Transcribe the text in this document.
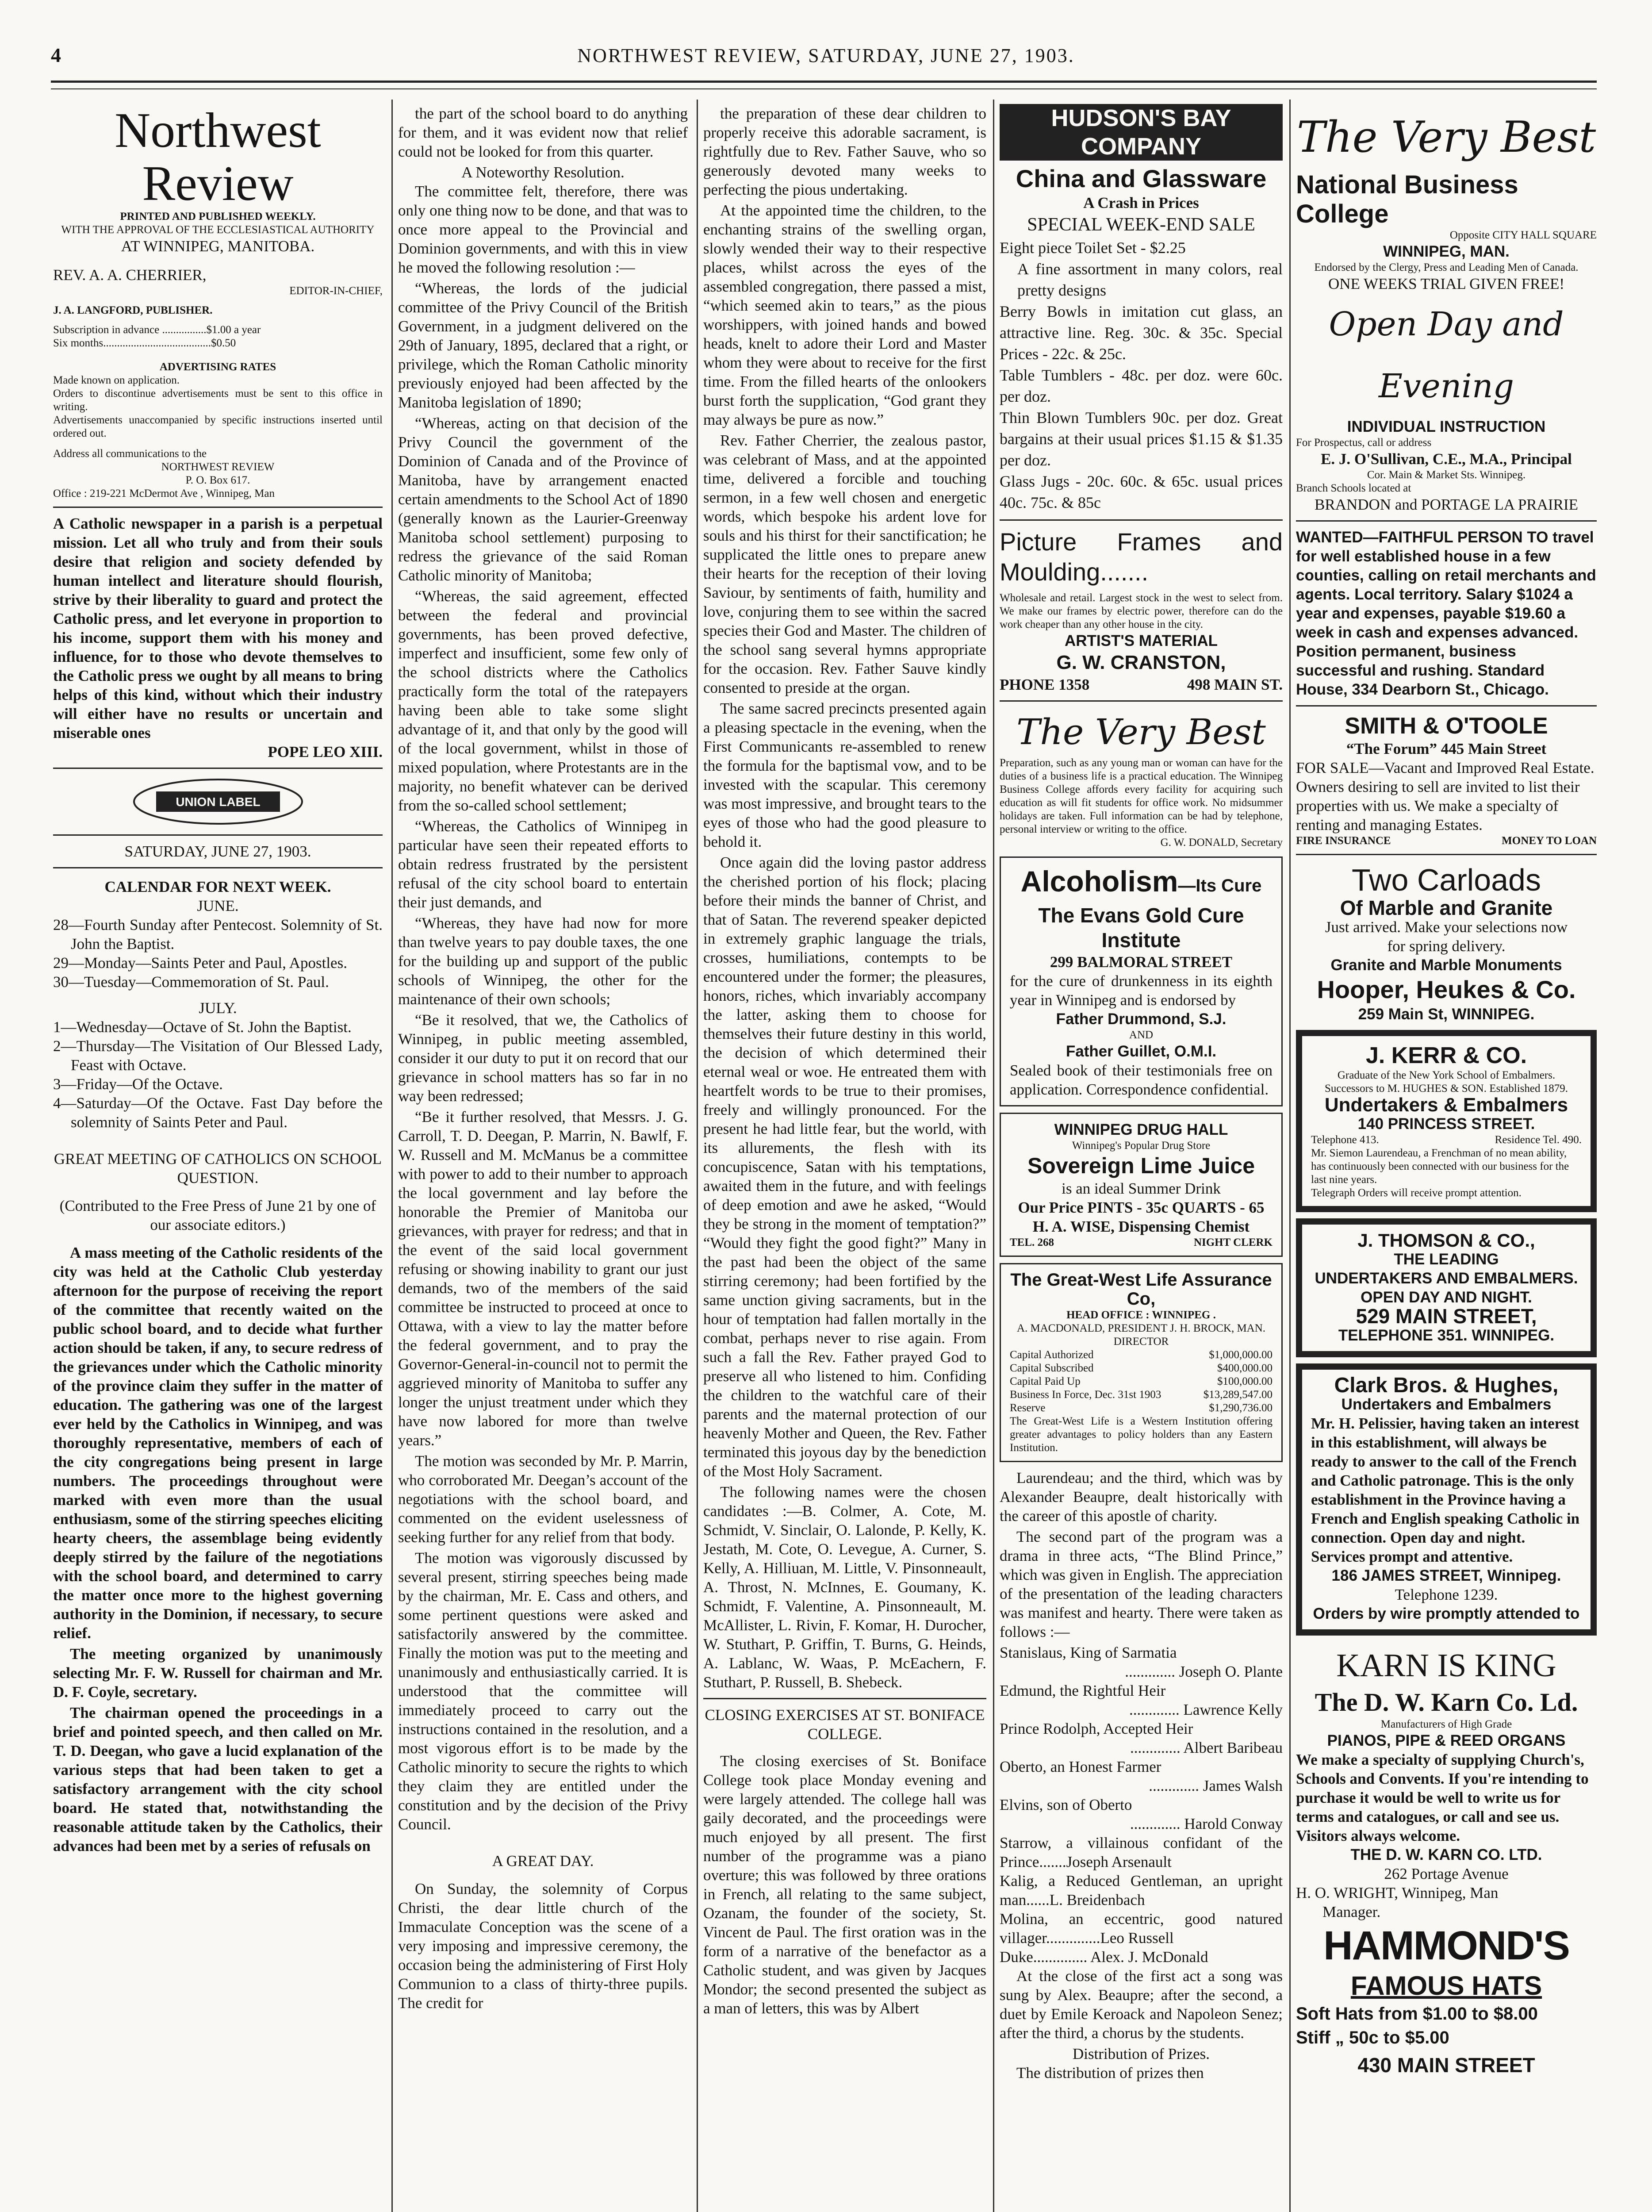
4	NORTHWEST REVIEW, SATURDAY, JUNE 27, 1903.
Northwest Review
PRINTED AND PUBLISHED WEEKLY.
WITH THE APPROVAL OF THE ECCLESIASTICAL AUTHORITY
AT WINNIPEG, MANITOBA.
REV. A. A. CHERRIER,
EDITOR-IN-CHIEF,
J. A. LANGFORD, PUBLISHER.
Subscription in advance ................$1.00 a year
Six months.......................................$0.50
ADVERTISING RATES
Made known on application.
Orders to discontinue advertisements must be sent to this office in writing.
Advertisements unaccompanied by specific instructions inserted until ordered out.
Address all communications to the
NORTHWEST REVIEW
P. O. Box 617.
Office : 219-221 McDermot Ave , Winnipeg, Man
A Catholic newspaper in a parish is a perpetual mission. Let all who truly and from their souls desire that religion and society defended by human intellect and literature should flourish, strive by their liberality to guard and protect the Catholic press, and let everyone in proportion to his income, support them with his money and influence, for to those who devote themselves to the Catholic press we ought by all means to bring helps of this kind, without which their industry will either have no results or uncertain and miserable ones
POPE LEO XIII.
UNION LABEL
SATURDAY, JUNE 27, 1903.
CALENDAR FOR NEXT WEEK.
JUNE.
28—Fourth Sunday after Pentecost. Solemnity of St. John the Baptist.
29—Monday—Saints Peter and Paul, Apostles.
30—Tuesday—Commemoration of St. Paul.
JULY.
1—Wednesday—Octave of St. John the Baptist.
2—Thursday—The Visitation of Our Blessed Lady, Feast with Octave.
3—Friday—Of the Octave.
4—Saturday—Of the Octave. Fast Day before the solemnity of Saints Peter and Paul.
GREAT MEETING OF CATHOLICS ON SCHOOL QUESTION.
(Contributed to the Free Press of June 21 by one of our associate editors.)

A mass meeting of the Catholic residents of the city was held at the Catholic Club yesterday afternoon for the purpose of receiving the report of the committee that recently waited on the public school board, and to decide what further action should be taken, if any, to secure redress of the grievances under which the Catholic minority of the province claim they suffer in the matter of education. The gathering was one of the largest ever held by the Catholics in Winnipeg, and was thoroughly representative, members of each of the city congregations being present in large numbers. The proceedings throughout were marked with even more than the usual enthusiasm, some of the stirring speeches eliciting hearty cheers, the assemblage being evidently deeply stirred by the failure of the negotiations with the school board, and determined to carry the matter once more to the highest governing authority in the Dominion, if necessary, to secure relief.

The meeting organized by unanimously selecting Mr. F. W. Russell for chairman and Mr. D. F. Coyle, secretary.

The chairman opened the proceedings in a brief and pointed speech, and then called on Mr. T. D. Deegan, who gave a lucid explanation of the various steps that had been taken to get a satisfactory arrangement with the city school board. He stated that, notwithstanding the reasonable attitude taken by the Catholics, their advances had been met by a series of refusals on

the part of the school board to do anything for them, and it was evident now that relief could not be looked for from this quarter.

A Noteworthy Resolution.

The committee felt, therefore, there was only one thing now to be done, and that was to once more appeal to the Provincial and Dominion governments, and with this in view he moved the following resolution :—

“Whereas, the lords of the judicial committee of the Privy Council of the British Government, in a judgment delivered on the 29th of January, 1895, declared that a right, or privilege, which the Roman Catholic minority previously enjoyed had been affected by the Manitoba legislation of 1890;

“Whereas, acting on that decision of the Privy Council the government of the Dominion of Canada and of the Province of Manitoba, have by arrangement enacted certain amendments to the School Act of 1890 (generally known as the Laurier-Greenway Manitoba school settlement) purposing to redress the grievance of the said Roman Catholic minority of Manitoba;

“Whereas, the said agreement, effected between the federal and provincial governments, has been proved defective, imperfect and insufficient, some few only of the school districts where the Catholics practically form the total of the ratepayers having been able to take some slight advantage of it, and that only by the good will of the local government, whilst in those of mixed population, where Protestants are in the majority, no benefit whatever can be derived from the so-called school settlement;

“Whereas, the Catholics of Winnipeg in particular have seen their repeated efforts to obtain redress frustrated by the persistent refusal of the city school board to entertain their just demands, and

“Whereas, they have had now for more than twelve years to pay double taxes, the one for the building up and support of the public schools of Winnipeg, the other for the maintenance of their own schools;

“Be it resolved, that we, the Catholics of Winnipeg, in public meeting assembled, consider it our duty to put it on record that our grievance in school matters has so far in no way been redressed;

“Be it further resolved, that Messrs. J. G. Carroll, T. D. Deegan, P. Marrin, N. Bawlf, F. W. Russell and M. McManus be a committee with power to add to their number to approach the local government and lay before the honorable the Premier of Manitoba our grievances, with prayer for redress; and that in the event of the said local government refusing or showing inability to grant our just demands, two of the members of the said committee be instructed to proceed at once to Ottawa, with a view to lay the matter before the federal government, and to pray the Governor-General-in-council not to permit the aggrieved minority of Manitoba to suffer any longer the unjust treatment under which they have now labored for more than twelve years.”

The motion was seconded by Mr. P. Marrin, who corroborated Mr. Deegan’s account of the negotiations with the school board, and commented on the evident uselessness of seeking further for any relief from that body.

The motion was vigorously discussed by several present, stirring speeches being made by the chairman, Mr. E. Cass and others, and some pertinent questions were asked and satisfactorily answered by the committee. Finally the motion was put to the meeting and unanimously and enthusiastically carried. It is understood that the committee will immediately proceed to carry out the instructions contained in the resolution, and a most vigorous effort is to be made by the Catholic minority to secure the rights to which they claim they are entitled under the constitution and by the decision of the Privy Council.

A GREAT DAY.

On Sunday, the solemnity of Corpus Christi, the dear little church of the Immaculate Conception was the scene of a very imposing and impressive ceremony, the occasion being the administering of First Holy Communion to a class of thirty-three pupils. The credit for

the preparation of these dear children to properly receive this adorable sacrament, is rightfully due to Rev. Father Sauve, who so generously devoted many weeks to perfecting the pious undertaking.

At the appointed time the children, to the enchanting strains of the swelling organ, slowly wended their way to their respective places, whilst across the eyes of the assembled congregation, there passed a mist, “which seemed akin to tears,” as the pious worshippers, with joined hands and bowed heads, knelt to adore their Lord and Master whom they were about to receive for the first time. From the filled hearts of the onlookers burst forth the supplication, “God grant they may always be pure as now.”

Rev. Father Cherrier, the zealous pastor, was celebrant of Mass, and at the appointed time, delivered a forcible and touching sermon, in a few well chosen and energetic words, which bespoke his ardent love for souls and his thirst for their sanctification; he supplicated the little ones to prepare anew their hearts for the reception of their loving Saviour, by sentiments of faith, humility and love, conjuring them to see within the sacred species their God and Master. The children of the school sang several hymns appropriate for the occasion. Rev. Father Sauve kindly consented to preside at the organ.

The same sacred precincts presented again a pleasing spectacle in the evening, when the First Communicants re-assembled to renew the formula for the baptismal vow, and to be invested with the scapular. This ceremony was most impressive, and brought tears to the eyes of those who had the good pleasure to behold it.

Once again did the loving pastor address the cherished portion of his flock; placing before their minds the banner of Christ, and that of Satan. The reverend speaker depicted in extremely graphic language the trials, crosses, humiliations, contempts to be encountered under the former; the pleasures, honors, riches, which invariably accompany the latter, asking them to choose for themselves their future destiny in this world, the decision of which determined their eternal weal or woe. He entreated them with heartfelt words to be true to their promises, freely and willingly pronounced. For the present he had little fear, but the world, with its allurements, the flesh with its concupiscence, Satan with his temptations, awaited them in the future, and with feelings of deep emotion and awe he asked, “Would they be strong in the moment of temptation?” “Would they fight the good fight?” Many in the past had been the object of the same stirring ceremony; had been fortified by the same unction giving sacraments, but in the hour of temptation had fallen mortally in the combat, perhaps never to rise again. From such a fall the Rev. Father prayed God to preserve all who listened to him. Confiding the children to the watchful care of their parents and the maternal protection of our heavenly Mother and Queen, the Rev. Father terminated this joyous day by the benediction of the Most Holy Sacrament.

The following names were the chosen candidates :—B. Colmer, A. Cote, M. Schmidt, V. Sinclair, O. Lalonde, P. Kelly, K. Jestath, M. Cote, O. Levegue, A. Curner, S. Kelly, A. Hilliuan, M. Little, V. Pinsonneault, A. Throst, N. McInnes, E. Goumany, K. Schmidt, F. Valentine, A. Pinsonneault, M. McAllister, L. Rivin, F. Komar, H. Durocher, W. Stuthart, P. Griffin, T. Burns, G. Heinds, A. Lablanc, W. Waas, P. McEachern, F. Stuthart, P. Russell, B. Shebeck.

CLOSING EXERCISES AT ST. BONIFACE COLLEGE.

The closing exercises of St. Boniface College took place Monday evening and were largely attended. The college hall was gaily decorated, and the proceedings were much enjoyed by all present. The first number of the programme was a piano overture; this was followed by three orations in French, all relating to the same subject, Ozanam, the founder of the society, St. Vincent de Paul. The first oration was in the form of a narrative of the benefactor as a Catholic student, and was given by Jacques Mondor; the second presented the subject as a man of letters, this was by Albert

HUDSON'S BAY COMPANY
China and Glassware
A Crash in Prices
SPECIAL WEEK-END SALE
Eight piece Toilet Set - $2.25
A fine assortment in many colors, real pretty designs
Berry Bowls in imitation cut glass, an attractive line. Reg. 30c. & 35c. Special Prices - 22c. & 25c.
Table Tumblers - 48c. per doz. were 60c. per doz.
Thin Blown Tumblers 90c. per doz. Great bargains at their usual prices $1.15 & $1.35 per doz.
Glass Jugs - 20c. 60c. & 65c. usual prices 40c. 75c. & 85c
Picture Frames and Moulding.......
Wholesale and retail. Largest stock in the west to select from. We make our frames by electric power, therefore can do the work cheaper than any other house in the city.
ARTIST'S MATERIAL
G. W. CRANSTON,
PHONE 1358	498 MAIN ST.
The Very Best
Preparation, such as any young man or woman can have for the duties of a business life is a practical education. The Winnipeg Business College affords every facility for acquiring such education as will fit students for office work. No midsummer holidays are taken. Full information can be had by telephone, personal interview or writing to the office.
G. W. DONALD, Secretary
Alcoholism—Its Cure
The Evans Gold Cure Institute
299 BALMORAL STREET
for the cure of drunkenness in its eighth year in Winnipeg and is endorsed by
Father Drummond, S.J.
AND
Father Guillet, O.M.I.
Sealed book of their testimonials free on application. Correspondence confidential.
WINNIPEG DRUG HALL
Winnipeg's Popular Drug Store
Sovereign Lime Juice
is an ideal Summer Drink
Our Price PINTS - 35c QUARTS - 65
H. A. WISE, Dispensing Chemist
TEL. 268	NIGHT CLERK
The Great-West Life Assurance Co,
HEAD OFFICE : WINNIPEG .
A. MACDONALD, PRESIDENT J. H. BROCK, MAN. DIRECTOR
Capital Authorized	$1,000,000.00
Capital Subscribed	$400,000.00
Capital Paid Up	$100,000.00
Business In Force, Dec. 31st 1903	$13,289,547.00
Reserve	$1,290,736.00
The Great-West Life is a Western Institution offering greater advantages to policy holders than any Eastern Institution.

Laurendeau; and the third, which was by Alexander Beaupre, dealt historically with the career of this apostle of charity.

The second part of the program was a drama in three acts, “The Blind Prince,” which was given in English. The appreciation of the presentation of the leading characters was manifest and hearty. There were taken as follows :—

Stanislaus, King of Sarmatia
............. Joseph O. Plante
Edmund, the Rightful Heir
............. Lawrence Kelly
Prince Rodolph, Accepted Heir
............. Albert Baribeau
Oberto, an Honest Farmer
............. James Walsh
Elvins, son of Oberto
............. Harold Conway
Starrow, a villainous confidant of the Prince.......Joseph Arsenault
Kalig, a Reduced Gentleman, an upright man......L. Breidenbach
Molina, an eccentric, good natured villager..............Leo Russell
Duke.............. Alex. J. McDonald

At the close of the first act a song was sung by Alex. Beaupre; after the second, a duet by Emile Keroack and Napoleon Senez; after the third, a chorus by the students.

Distribution of Prizes.

The distribution of prizes then

The Very Best
National Business College
Opposite CITY HALL SQUARE
WINNIPEG, MAN.
Endorsed by the Clergy, Press and Leading Men of Canada.
ONE WEEKS TRIAL GIVEN FREE!
Open Day and Evening
INDIVIDUAL INSTRUCTION
For Prospectus, call or address
E. J. O'Sullivan, C.E., M.A., Principal
Cor. Main & Market Sts. Winnipeg.
Branch Schools located at
BRANDON and PORTAGE LA PRAIRIE
WANTED—FAITHFUL PERSON TO travel for well established house in a few counties, calling on retail merchants and agents. Local territory. Salary $1024 a year and expenses, payable $19.60 a week in cash and expenses advanced. Position permanent, business successful and rushing. Standard House, 334 Dearborn St., Chicago.
SMITH & O'TOOLE
“The Forum” 445 Main Street
FOR SALE—Vacant and Improved Real Estate. Owners desiring to sell are invited to list their properties with us. We make a specialty of renting and managing Estates.
FIRE INSURANCE	MONEY TO LOAN
Two Carloads
Of Marble and Granite
Just arrived. Make your selections now for spring delivery.
Granite and Marble Monuments
Hooper, Heukes & Co.
259 Main St, WINNIPEG.
J. KERR & CO.
Graduate of the New York School of Embalmers.
Successors to M. HUGHES & SON. Established 1879.
Undertakers & Embalmers
140 PRINCESS STREET.
Telephone 413.	Residence Tel. 490.
Mr. Siemon Laurendeau, a Frenchman of no mean ability, has continuously been connected with our business for the last nine years.
Telegraph Orders will receive prompt attention.
J. THOMSON & CO.,
THE LEADING
UNDERTAKERS AND EMBALMERS.
OPEN DAY AND NIGHT.
529 MAIN STREET,
TELEPHONE 351. WINNIPEG.
Clark Bros. & Hughes,
Undertakers and Embalmers
Mr. H. Pelissier, having taken an interest in this establishment, will always be ready to answer to the call of the French and Catholic patronage. This is the only establishment in the Province having a French and English speaking Catholic in connection. Open day and night. Services prompt and attentive.
186 JAMES STREET, Winnipeg.
Telephone 1239.
Orders by wire promptly attended to
KARN IS KING
The D. W. Karn Co. Ld.
Manufacturers of High Grade
PIANOS, PIPE & REED ORGANS
We make a specialty of supplying Church's, Schools and Convents. If you're intending to purchase it would be well to write us for terms and catalogues, or call and see us. Visitors always welcome.
THE D. W. KARN CO. LTD.
262 Portage Avenue
H. O. WRIGHT, Winnipeg, Man
Manager.
HAMMOND'S
FAMOUS HATS
Soft Hats from $1.00 to $8.00
Stiff „ 50c to $5.00
430 MAIN STREET
